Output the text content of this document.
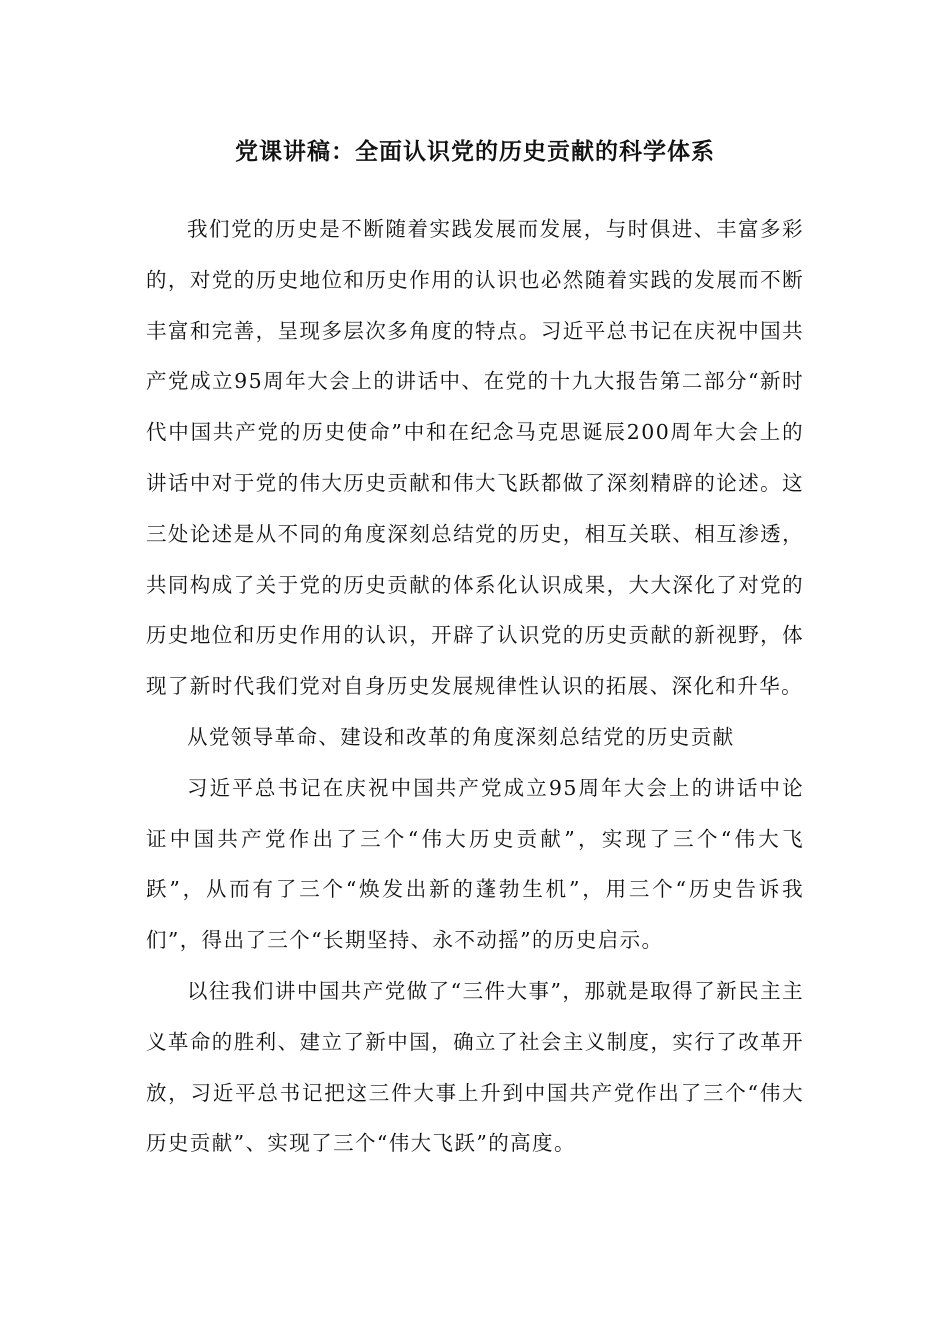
党课讲稿：全面认识党的历史贡献的科学体系

我们党的历史是不断随着实践发展而发展，与时俱进、丰富多彩的，对党的历史地位和历史作用的认识也必然随着实践的发展而不断丰富和完善，呈现多层次多角度的特点。习近平总书记在庆祝中国共产党成立95周年大会上的讲话中、在党的十九大报告第二部分“新时代中国共产党的历史使命”中和在纪念马克思诞辰200周年大会上的讲话中对于党的伟大历史贡献和伟大飞跃都做了深刻精辟的论述。这三处论述是从不同的角度深刻总结党的历史，相互关联、相互渗透，共同构成了关于党的历史贡献的体系化认识成果，大大深化了对党的历史地位和历史作用的认识，开辟了认识党的历史贡献的新视野，体现了新时代我们党对自身历史发展规律性认识的拓展、深化和升华。

从党领导革命、建设和改革的角度深刻总结党的历史贡献

习近平总书记在庆祝中国共产党成立95周年大会上的讲话中论证中国共产党作出了三个“伟大历史贡献”，实现了三个“伟大飞跃”，从而有了三个“焕发出新的蓬勃生机”，用三个“历史告诉我们”，得出了三个“长期坚持、永不动摇”的历史启示。

以往我们讲中国共产党做了“三件大事”，那就是取得了新民主主义革命的胜利、建立了新中国，确立了社会主义制度，实行了改革开放，习近平总书记把这三件大事上升到中国共产党作出了三个“伟大历史贡献”、实现了三个“伟大飞跃”的高度。
